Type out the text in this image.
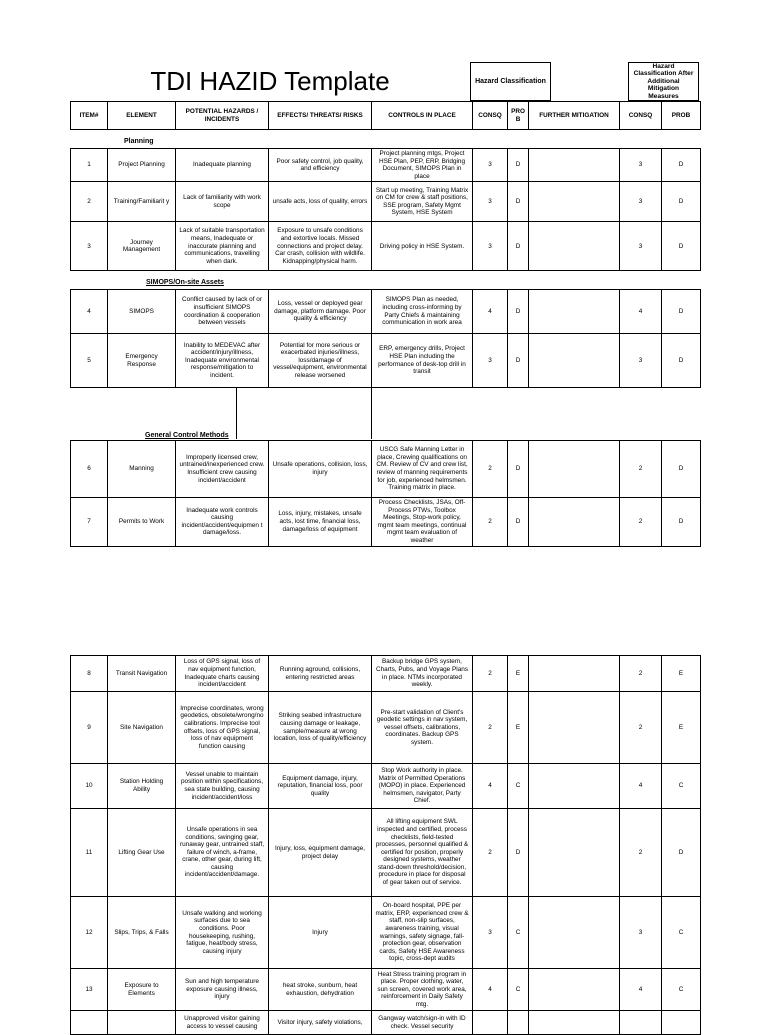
TDI HAZID Template	Hazard Classification
Hazard Classification After Additional Mitigation Measures
ITEM#	ELEMENT	POTENTIAL HAZARDS / INCIDENTS	EFFECTS/ THREATS/ RISKS	CONTROLS IN PLACE	CONSQ	PRO B	FURTHER MITIGATION	CONSQ	PROB
Planning
1	Project Planning	Inadequate planning	Poor safety control, job quality, and efficiency	Project planning mtgs, Project HSE Plan, PEP, ERP, Bridging Document, SIMOPS Plan in place	3	D		3	D
2	Training/Familiarit y	Lack of familiarity with work scope	unsafe acts, loss of quality, errors	Start up meeting, Training Matrix on CM for crew & staff positions, SSE program, Safety Mgmt System, HSE System	3	D		3	D
3	Journey Management	Lack of suitable transportation means, Inadequate or inaccurate planning and communications, travelling when dark.	Exposure to unsafe conditions and extortive locals. Missed connections and project delay. Car crash, collision with wildlife. Kidnapping/physical harm.	Driving policy in HSE System.	3	D		3	D
SIMOPS/On-site Assets
4	SIMOPS	Conflict caused by lack of or insufficient SIMOPS coordination & cooperation between vessels	Loss, vessel or deployed gear damage, platform damage. Poor quality & efficiency	SIMOPS Plan as needed, including cross-informing by Party Chiefs & maintaining communication in work area	4	D		4	D
5	Emergency Response	Inability to MEDEVAC after accident/injury/illness, Inadequate environmental response/mitigation to incident.	Potential for more serious or exacerbated injuries/illness, loss/damage of vessel/equipment, environmental release worsened	ERP, emergency drills, Project HSE Plan including the performance of desk-top drill in transit	3	D		3	D
General Control Methods
6	Manning	Improperly licensed crew, untrained/inexperienced crew. Insufficient crew causing incident/accident	Unsafe operations, collision, loss, injury	USCG Safe Manning Letter in place, Crewing qualifications on CM. Review of CV and crew list, review of manning requirements for job, experienced helmsmen. Training matrix in place.	2	D		2	D
7	Permits to Work	Inadequate work controls causing incident/accident/equipmen t damage/loss.	Loss, injury, mistakes, unsafe acts, lost time, financial loss, damage/loss of equipment	Process Checklists, JSAs, Off-Process PTWs, Toolbox Meetings, Stop-work policy, mgmt team meetings, continual mgmt team evaluation of weather	2	D		2	D
8	Transit Navigation	Loss of GPS signal, loss of nav equipment function, Inadequate charts causing incident/accident	Running aground, collisions, entering restricted areas	Backup bridge GPS system, Charts, Pubs, and Voyage Plans in place. NTMs incorporated weekly.	2	E		2	E
9	Site Navigation	Imprecise coordinates, wrong geodetics, obsolete/wrong/no calibrations. Imprecise tool offsets, loss of GPS signal, loss of nav equipment function causing	Striking seabed infrastructure causing damage or leakage, sample/measure at wrong location, loss of quality/efficiency	Pre-start validation of Client's geodetic settings in nav system, vessel offsets, calibrations, coordinates. Backup GPS system.	2	E		2	E
10	Station Holding Ability	Vessel unable to maintain position within specifications, sea state building, causing incident/accident/loss	Equipment damage, injury, reputation, financial loss, poor quality	Stop Work authority in place. Matrix of Permitted Operations (MOPO) in place. Experienced helmsmen, navigator, Party Chief.	4	C		4	C
11	Lifting Gear Use	Unsafe operations in sea conditions, swinging gear, runaway gear, untrained staff, failure of winch, a-frame, crane, other gear, during lift, causing incident/accident/damage.	Injury, loss, equipment damage, project delay	All lifting equipment SWL inspected and certified, process checklists, field-tested processes, personnel qualified & certified for position, properly designed systems, weather stand-down threshold/decision, procedure in place for disposal of gear taken out of service.	2	D		2	D
12	Slips, Trips, & Falls	Unsafe walking and working surfaces due to sea conditions. Poor housekeeping, rushing, fatigue, heat/body stress, causing injury	Injury	On-board hospital, PPE per matrix, ERP, experienced crew & staff, non-slip surfaces, awareness training, visual warnings, safety signage, fall-protection gear, observation cards, Safety HSE Awareness topic, cross-dept audits	3	C		3	C
13	Exposure to Elements	Sun and high temperature exposure causing illness, injury	heat stroke, sunburn, heat exhaustion, dehydration	Heat Stress training program in place. Proper clothing, water, sun screen, covered work area, reinforcement in Daily Safety mtg.	4	C		4	C
		Unapproved visitor gaining access to vessel causing	Visitor injury, safety violations,	Gangway watch/sign-in with ID check. Vessel security					
